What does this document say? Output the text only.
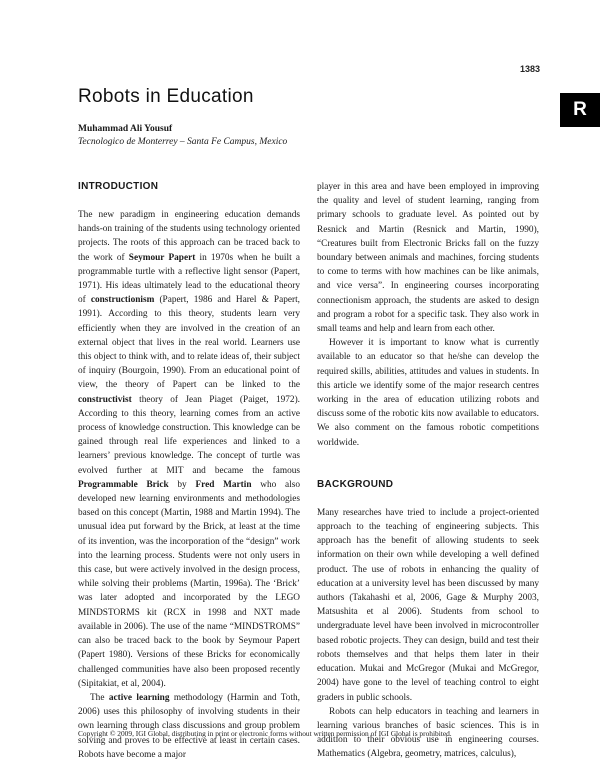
1383
R
Robots in Education
Muhammad Ali Yousuf
Tecnologico de Monterrey – Santa Fe Campus, Mexico
INTRODUCTION

The new paradigm in engineering education demands hands-on training of the students using technology oriented projects. The roots of this approach can be traced back to the work of Seymour Papert in 1970s when he built a programmable turtle with a reflective light sensor (Papert, 1971). His ideas ultimately lead to the educational theory of constructionism (Papert, 1986 and Harel & Papert, 1991). According to this theory, students learn very efficiently when they are involved in the creation of an external object that lives in the real world. Learners use this object to think with, and to relate ideas of, their subject of inquiry (Bourgoin, 1990). From an educational point of view, the theory of Papert can be linked to the constructivist theory of Jean Piaget (Paiget, 1972). According to this theory, learning comes from an active process of knowledge construction. This knowledge can be gained through real life experiences and linked to a learners’ previous knowledge. The concept of turtle was evolved further at MIT and became the famous Programmable Brick by Fred Martin who also developed new learning environments and methodologies based on this concept (Martin, 1988 and Martin 1994). The unusual idea put forward by the Brick, at least at the time of its invention, was the incorporation of the “design” work into the learning process. Students were not only users in this case, but were actively involved in the design process, while solving their problems (Martin, 1996a). The ‘Brick’ was later adopted and incorporated by the LEGO MINDSTORMS kit (RCX in 1998 and NXT made available in 2006). The use of the name “MINDSTROMS” can also be traced back to the book by Seymour Papert (Papert 1980). Versions of these Bricks for economically challenged communities have also been proposed recently (Sipitakiat, et al, 2004).

The active learning methodology (Harmin and Toth, 2006) uses this philosophy of involving students in their own learning through class discussions and group problem solving and proves to be effective at least in certain cases. Robots have become a major

player in this area and have been employed in improving the quality and level of student learning, ranging from primary schools to graduate level. As pointed out by Resnick and Martin (Resnick and Martin, 1990), “Creatures built from Electronic Bricks fall on the fuzzy boundary between animals and machines, forcing students to come to terms with how machines can be like animals, and vice versa”. In engineering courses incorporating connectionism approach, the students are asked to design and program a robot for a specific task. They also work in small teams and help and learn from each other.

However it is important to know what is currently available to an educator so that he/she can develop the required skills, abilities, attitudes and values in students. In this article we identify some of the major research centres working in the area of education utilizing robots and discuss some of the robotic kits now available to educators. We also comment on the famous robotic competitions worldwide.

BACKGROUND

Many researches have tried to include a project-oriented approach to the teaching of engineering subjects. This approach has the benefit of allowing students to seek information on their own while developing a well defined product. The use of robots in enhancing the quality of education at a university level has been discussed by many authors (Takahashi et al, 2006, Gage & Murphy 2003, Matsushita et al 2006). Students from school to undergraduate level have been involved in microcontroller based robotic projects. They can design, build and test their robots themselves and that helps them later in their education. Mukai and McGregor (Mukai and McGregor, 2004) have gone to the level of teaching control to eight graders in public schools.

Robots can help educators in teaching and learners in learning various branches of basic sciences. This is in addition to their obvious use in engineering courses. Mathematics (Algebra, geometry, matrices, calculus),

Copyright © 2009, IGI Global, distributing in print or electronic forms without written permission of IGI Global is prohibited.
